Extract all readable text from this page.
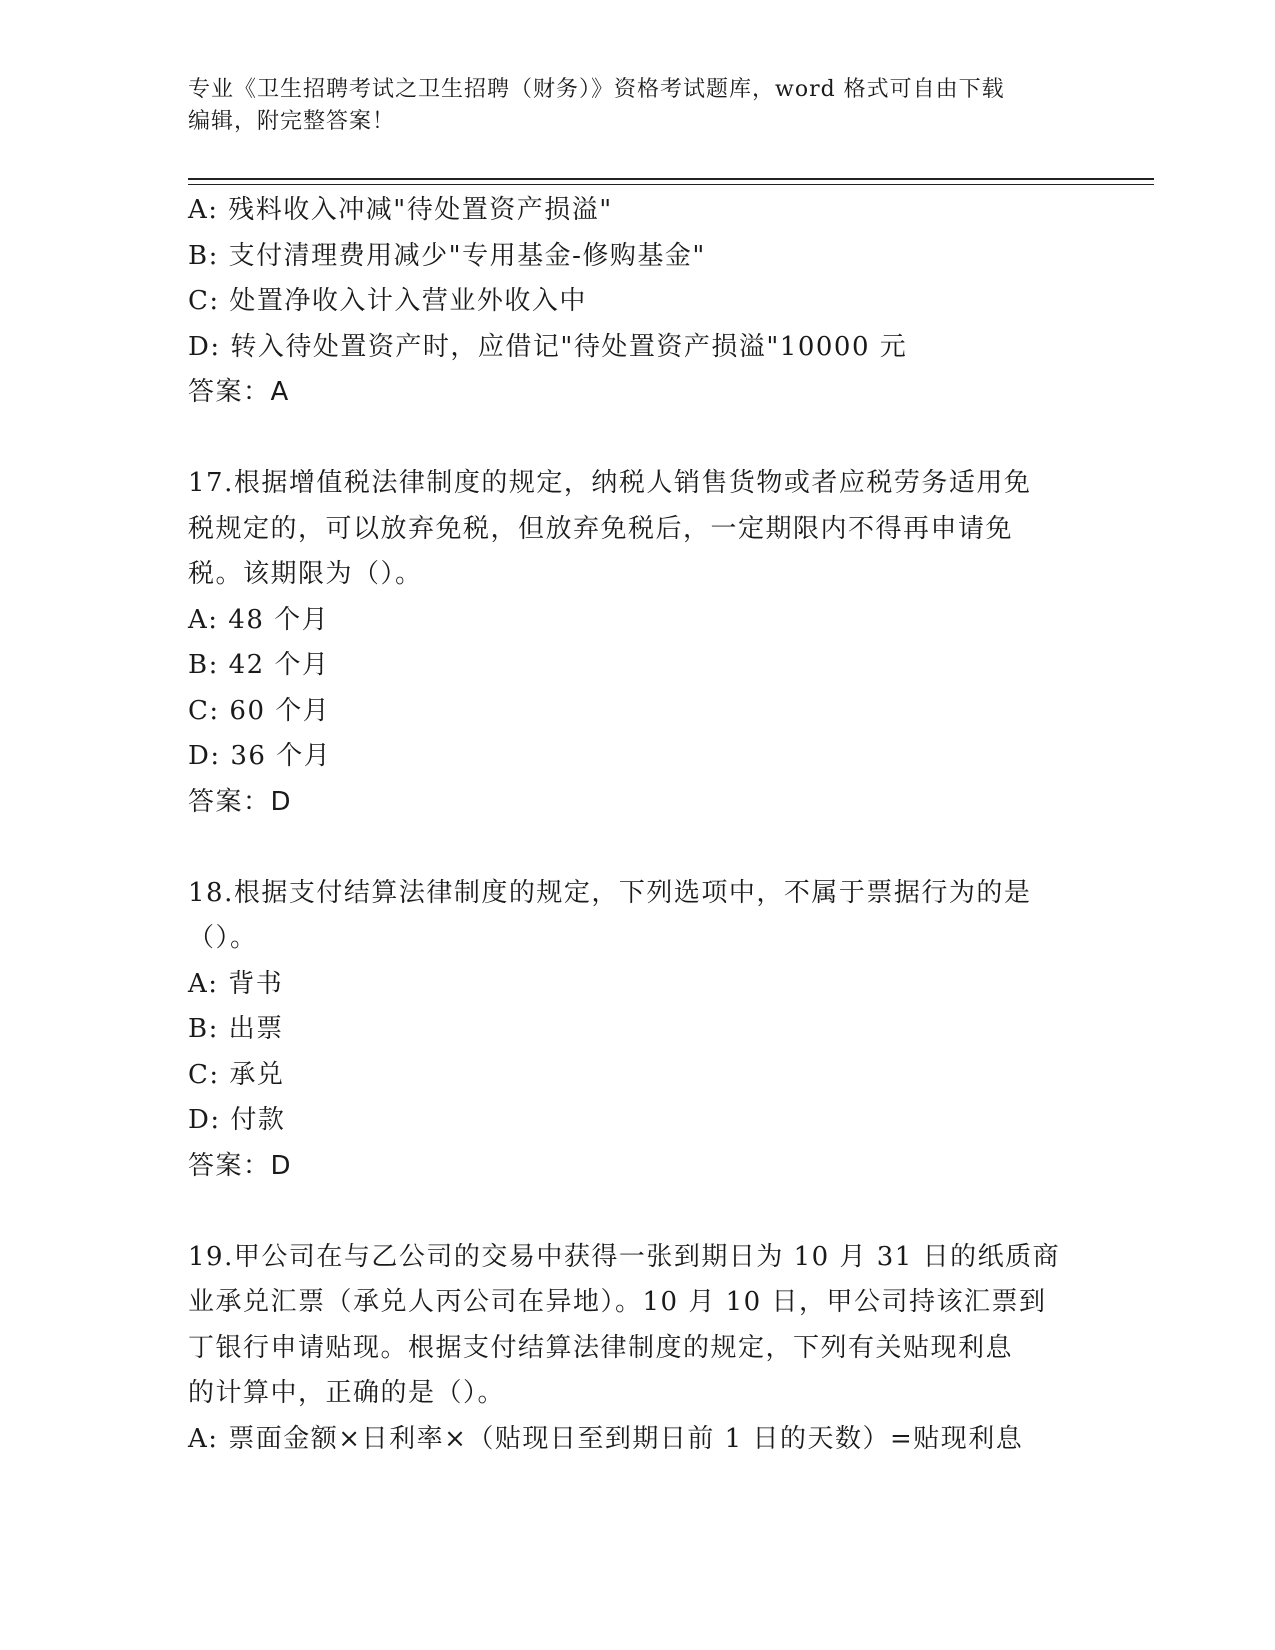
专业《卫生招聘考试之卫生招聘（财务）》资格考试题库，word 格式可自由下载
编辑，附完整答案！
A: 残料收入冲减"待处置资产损溢"
B: 支付清理费用减少"专用基金-修购基金"
C: 处置净收入计入营业外收入中
D: 转入待处置资产时，应借记"待处置资产损溢"10000 元
答案：A
17.根据增值税法律制度的规定，纳税人销售货物或者应税劳务适用免
税规定的，可以放弃免税，但放弃免税后，一定期限内不得再申请免
税。该期限为（）。
A: 48 个月
B: 42 个月
C: 60 个月
D: 36 个月
答案：D
18.根据支付结算法律制度的规定，下列选项中，不属于票据行为的是
（）。
A: 背书
B: 出票
C: 承兑
D: 付款
答案：D
19.甲公司在与乙公司的交易中获得一张到期日为 10 月 31 日的纸质商
业承兑汇票（承兑人丙公司在异地）。10 月 10 日，甲公司持该汇票到
丁银行申请贴现。根据支付结算法律制度的规定，下列有关贴现利息
的计算中，正确的是（）。
A: 票面金额×日利率×（贴现日至到期日前 1 日的天数）=贴现利息
